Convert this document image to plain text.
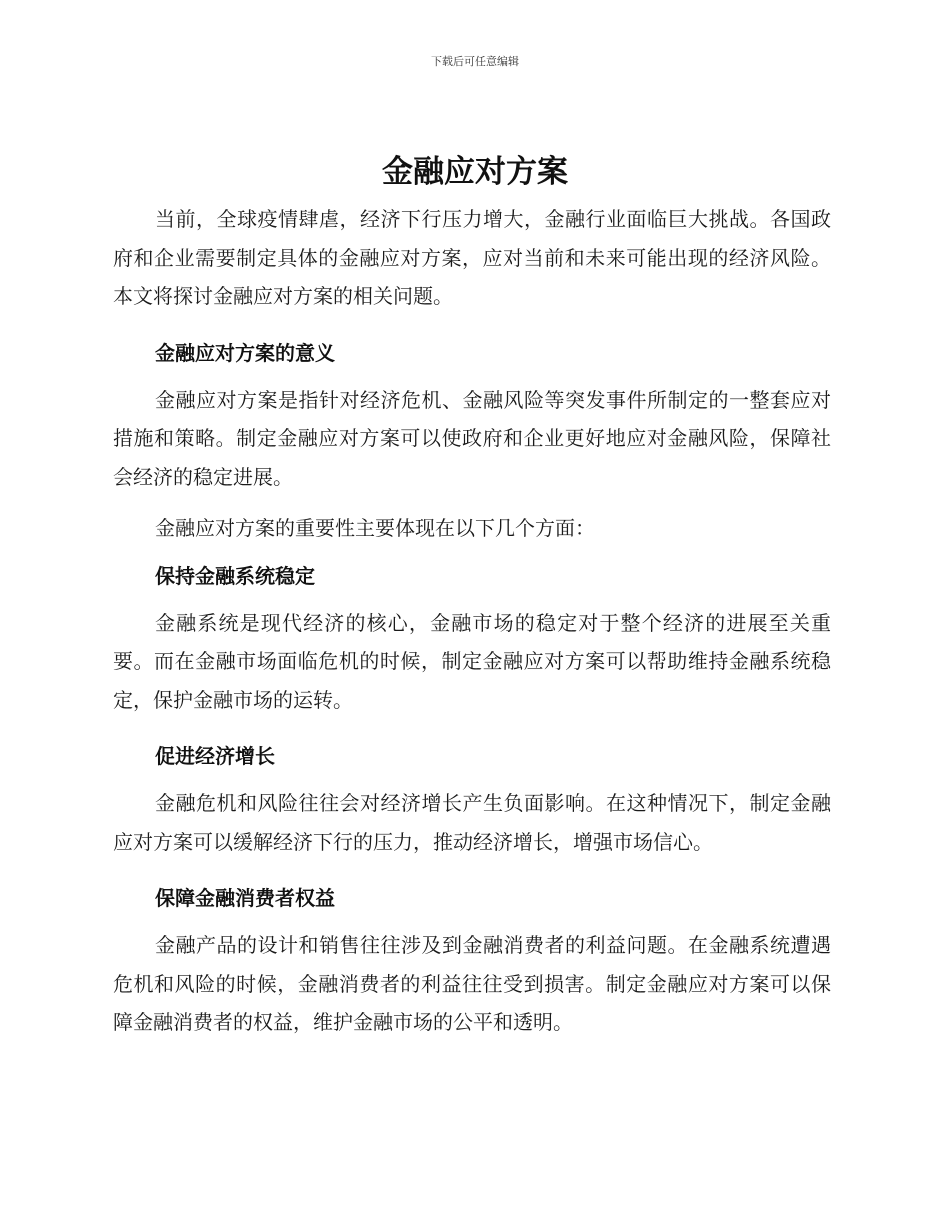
下载后可任意编辑
金融应对方案

当前，全球疫情肆虐，经济下行压力增大，金融行业面临巨大挑战。各国政府和企业需要制定具体的金融应对方案，应对当前和未来可能出现的经济风险。本文将探讨金融应对方案的相关问题。

金融应对方案的意义

金融应对方案是指针对经济危机、金融风险等突发事件所制定的一整套应对措施和策略。制定金融应对方案可以使政府和企业更好地应对金融风险，保障社会经济的稳定进展。

金融应对方案的重要性主要体现在以下几个方面：

保持金融系统稳定

金融系统是现代经济的核心，金融市场的稳定对于整个经济的进展至关重要。而在金融市场面临危机的时候，制定金融应对方案可以帮助维持金融系统稳定，保护金融市场的运转。

促进经济增长

金融危机和风险往往会对经济增长产生负面影响。在这种情况下，制定金融应对方案可以缓解经济下行的压力，推动经济增长，增强市场信心。

保障金融消费者权益

金融产品的设计和销售往往涉及到金融消费者的利益问题。在金融系统遭遇危机和风险的时候，金融消费者的利益往往受到损害。制定金融应对方案可以保障金融消费者的权益，维护金融市场的公平和透明。
